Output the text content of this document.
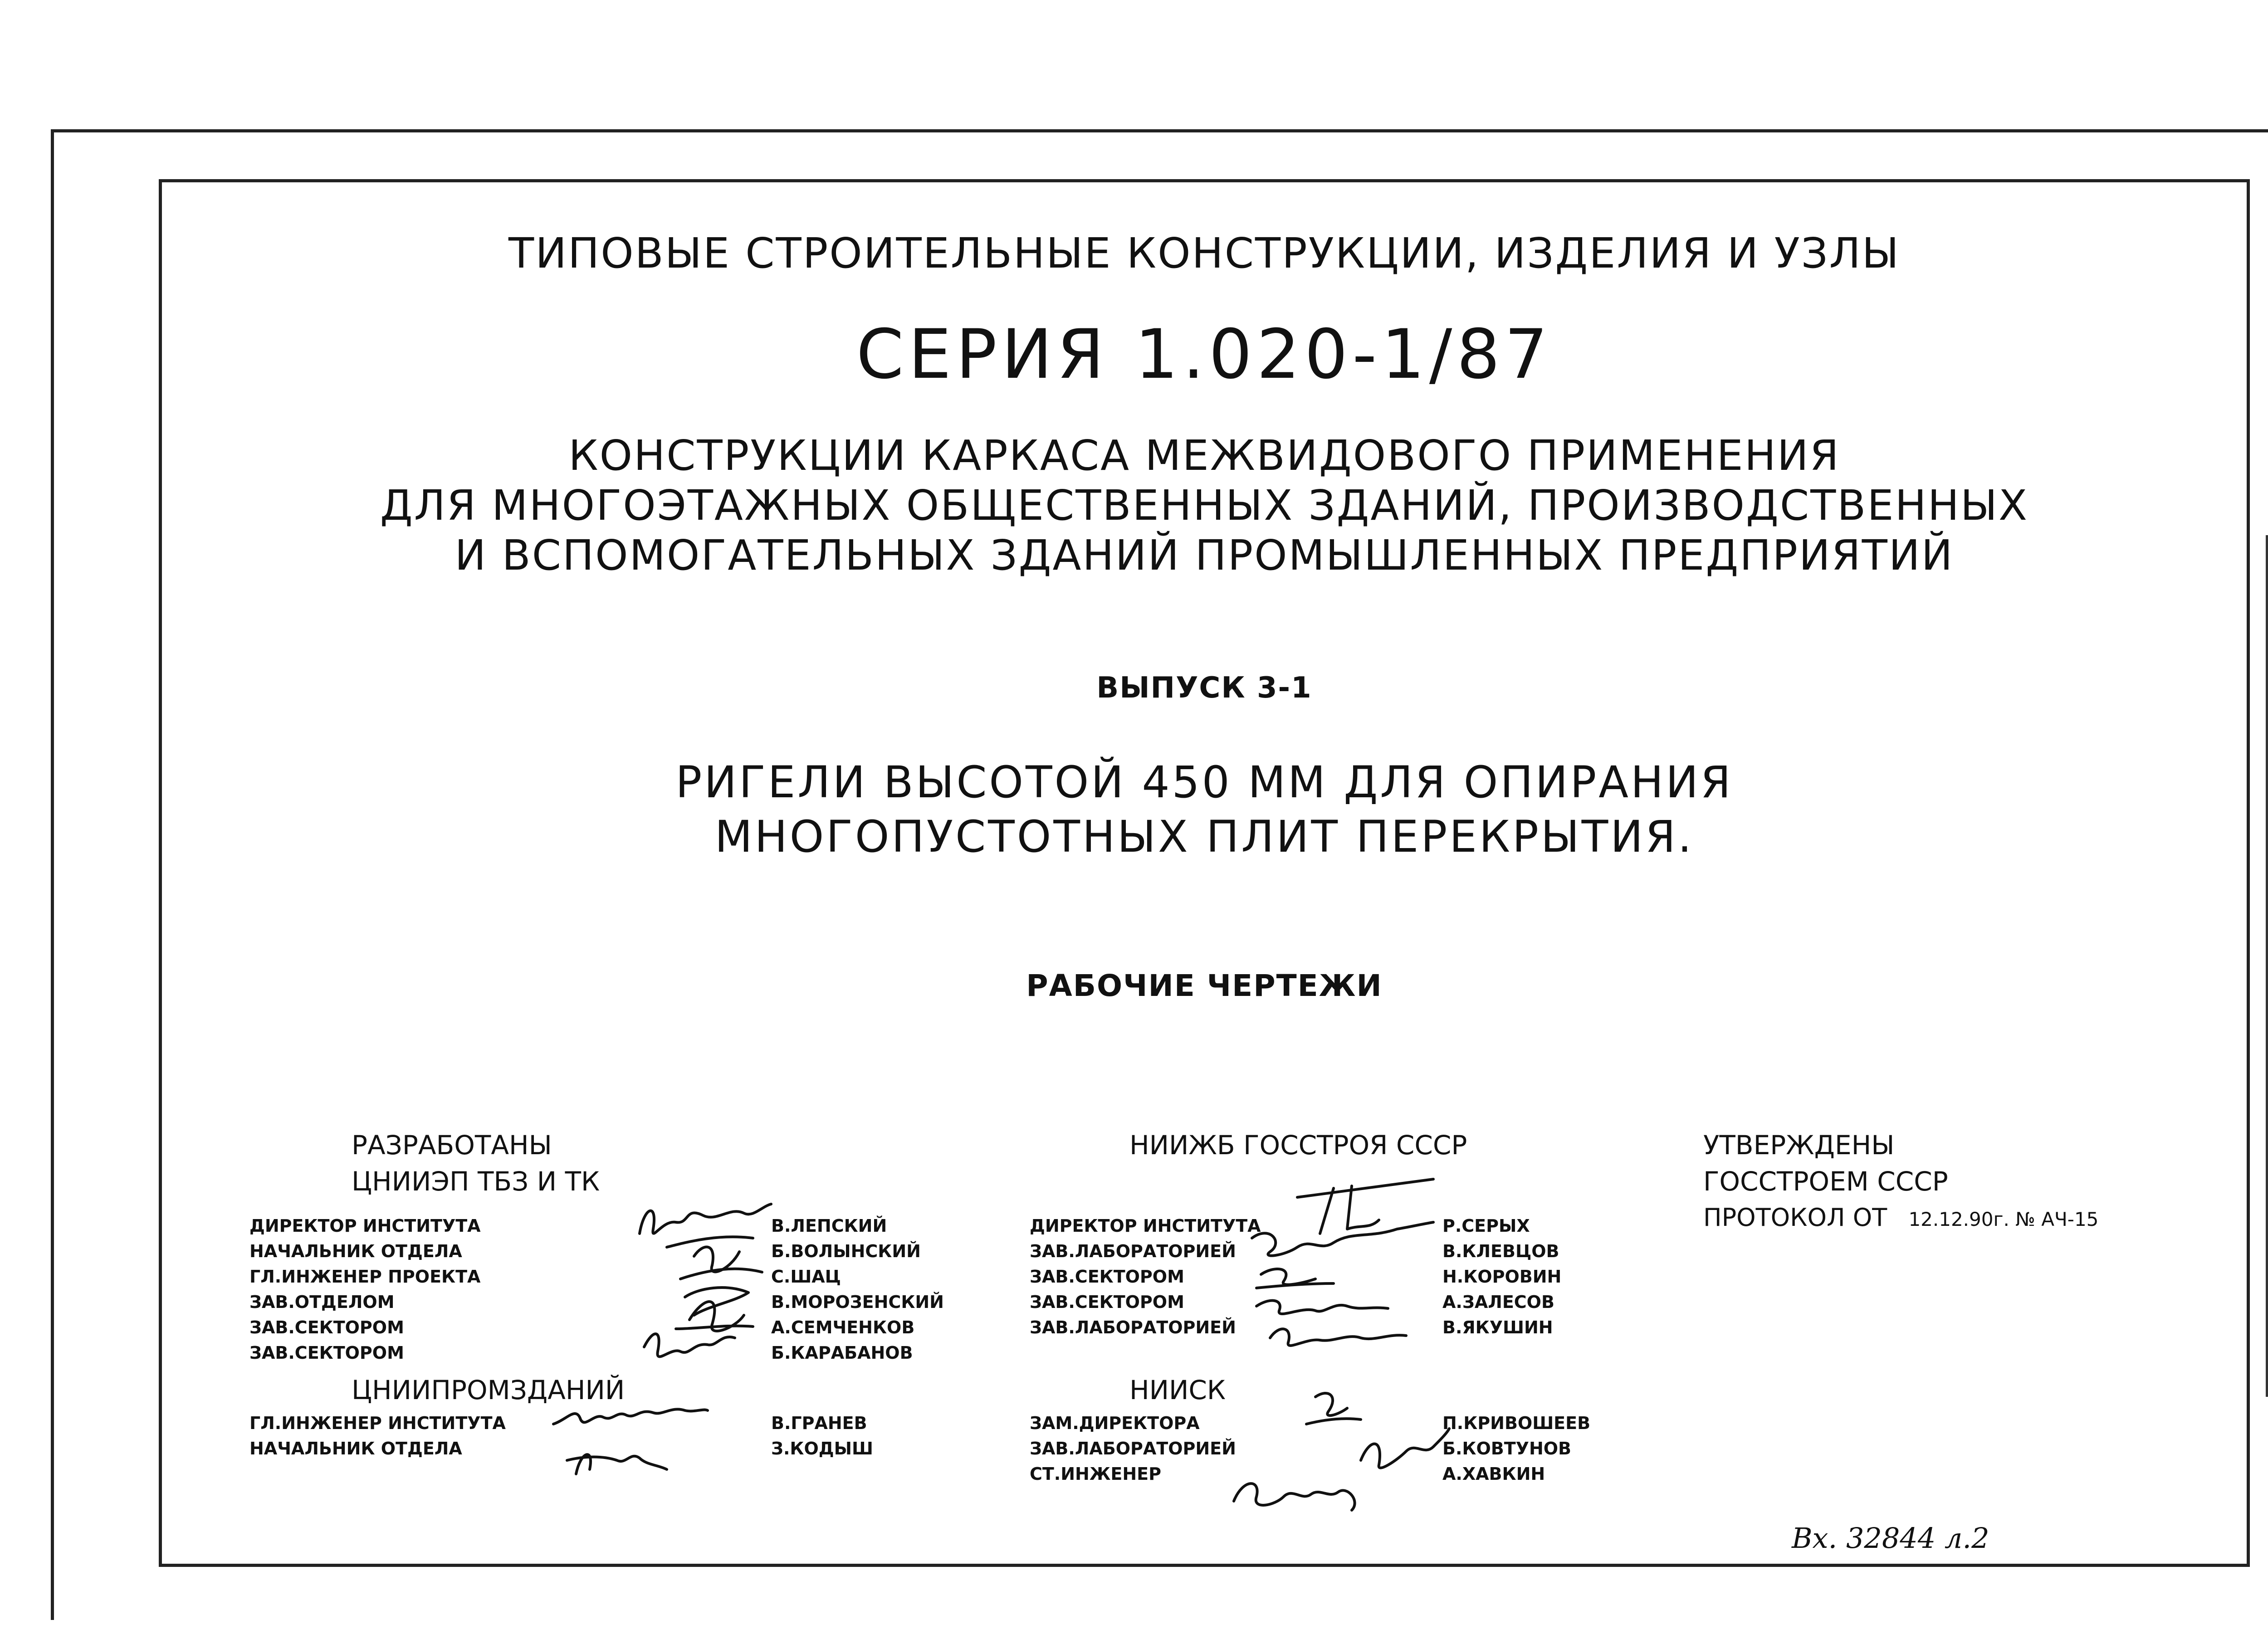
ТИПОВЫЕ СТРОИТЕЛЬНЫЕ КОНСТРУКЦИИ, ИЗДЕЛИЯ И УЗЛЫ
СЕРИЯ 1.020-1/87
КОНСТРУКЦИИ КАРКАСА МЕЖВИДОВОГО ПРИМЕНЕНИЯ
ДЛЯ МНОГОЭТАЖНЫХ ОБЩЕСТВЕННЫХ ЗДАНИЙ, ПРОИЗВОДСТВЕННЫХ
И ВСПОМОГАТЕЛЬНЫХ ЗДАНИЙ ПРОМЫШЛЕННЫХ ПРЕДПРИЯТИЙ
ВЫПУСК 3-1
РИГЕЛИ ВЫСОТОЙ 450 ММ ДЛЯ ОПИРАНИЯ
МНОГОПУСТОТНЫХ ПЛИТ ПЕРЕКРЫТИЯ.
РАБОЧИЕ ЧЕРТЕЖИ
РАЗРАБОТАНЫ
ЦНИИЭП ТБЗ И ТК
ДИРЕКТОР ИНСТИТУТА
НАЧАЛЬНИК ОТДЕЛА
ГЛ.ИНЖЕНЕР ПРОЕКТА
ЗАВ.ОТДЕЛОМ
ЗАВ.СЕКТОРОМ
ЗАВ.СЕКТОРОМ
В.ЛЕПСКИЙ
Б.ВОЛЫНСКИЙ
С.ШАЦ
В.МОРОЗЕНСКИЙ
А.СЕМЧЕНКОВ
Б.КАРАБАНОВ
ЦНИИПРОМЗДАНИЙ
ГЛ.ИНЖЕНЕР ИНСТИТУТА
НАЧАЛЬНИК ОТДЕЛА
В.ГРАНЕВ
З.КОДЫШ
НИИЖБ ГОССТРОЯ СССР
ДИРЕКТОР ИНСТИТУТА
ЗАВ.ЛАБОРАТОРИЕЙ
ЗАВ.СЕКТОРОМ
ЗАВ.СЕКТОРОМ
ЗАВ.ЛАБОРАТОРИЕЙ
Р.СЕРЫХ
В.КЛЕВЦОВ
Н.КОРОВИН
А.ЗАЛЕСОВ
В.ЯКУШИН
НИИСК
ЗАМ.ДИРЕКТОРА
ЗАВ.ЛАБОРАТОРИЕЙ
СТ.ИНЖЕНЕР
П.КРИВОШЕЕВ
Б.КОВТУНОВ
А.ХАВКИН
УТВЕРЖДЕНЫ
ГОССТРОЕМ СССР
ПРОТОКОЛ ОТ 12.12.90г. № АЧ-15
Вх. 32844 л.2
